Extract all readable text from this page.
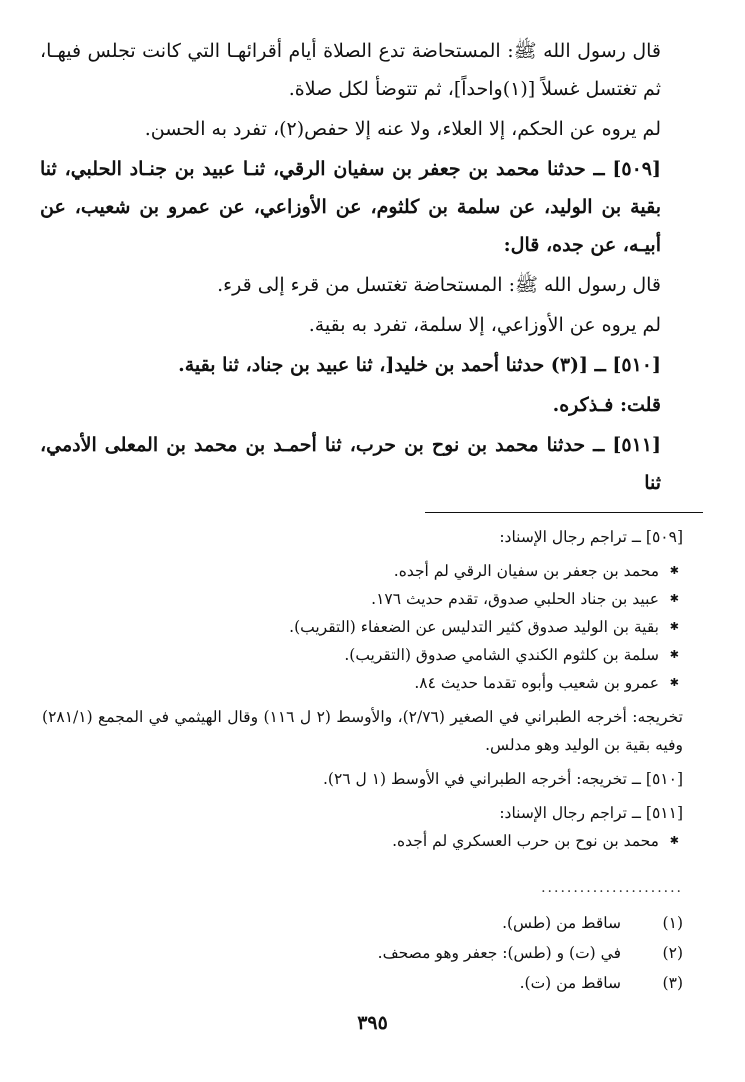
قال رسول الله ﷺ: المستحاضة تدع الصلاة أيام أقرائهـا التي كانت تجلس فيهـا، ثم تغتسل غسلاً [(١)واحداً]، ثم تتوضأ لكل صلاة.

لم يروه عن الحكم، إلا العلاء، ولا عنه إلا حفص(٢)، تفرد به الحسن.

[٥٠٩] ــ حدثنا محمد بن جعفر بن سفيان الرقي، ثنـا عبيد بن جنـاد الحلبي، ثنا بقية بن الوليد، عن سلمة بن كلثوم، عن الأوزاعي، عن عمرو بن شعيب، عن أبيـه، عن جده، قال:

قال رسول الله ﷺ: المستحاضة تغتسل من قرء إلى قرء.

لم يروه عن الأوزاعي، إلا سلمة، تفرد به بقية.

[٥١٠] ــ [(٣) حدثنا أحمد بن خليد[، ثنا عبيد بن جناد، ثنا بقية.

قلت: فـذكره.

[٥١١] ــ حدثنا محمد بن نوح بن حرب، ثنا أحمـد بن محمد بن المعلى الأدمي، ثنا

[٥٠٩] ــ تراجم رجال الإسناد:
✱ محمد بن جعفر بن سفيان الرقي لم أجده.
✱ عبيد بن جناد الحلبي صدوق، تقدم حديث ١٧٦.
✱ بقية بن الوليد صدوق كثير التدليس عن الضعفاء (التقريب).
✱ سلمة بن كلثوم الكندي الشامي صدوق (التقريب).
✱ عمرو بن شعيب وأبوه تقدما حديث ٨٤.
تخريجه: أخرجه الطبراني في الصغير (٢/٧٦)، والأوسط (٢ ل ١١٦) وقال الهيثمي في المجمع (٢٨١/١) وفيه بقية بن الوليد وهو مدلس.
[٥١٠] ــ تخريجه: أخرجه الطبراني في الأوسط (١ ل ٢٦).
[٥١١] ــ تراجم رجال الإسناد:
✱ محمد بن نوح بن حرب العسكري لم أجده.
......................
(١)
ساقط من (طس).
(٢)
في (ت) و (طس): جعفر وهو مصحف.
(٣)
ساقط من (ت).
٣٩٥
